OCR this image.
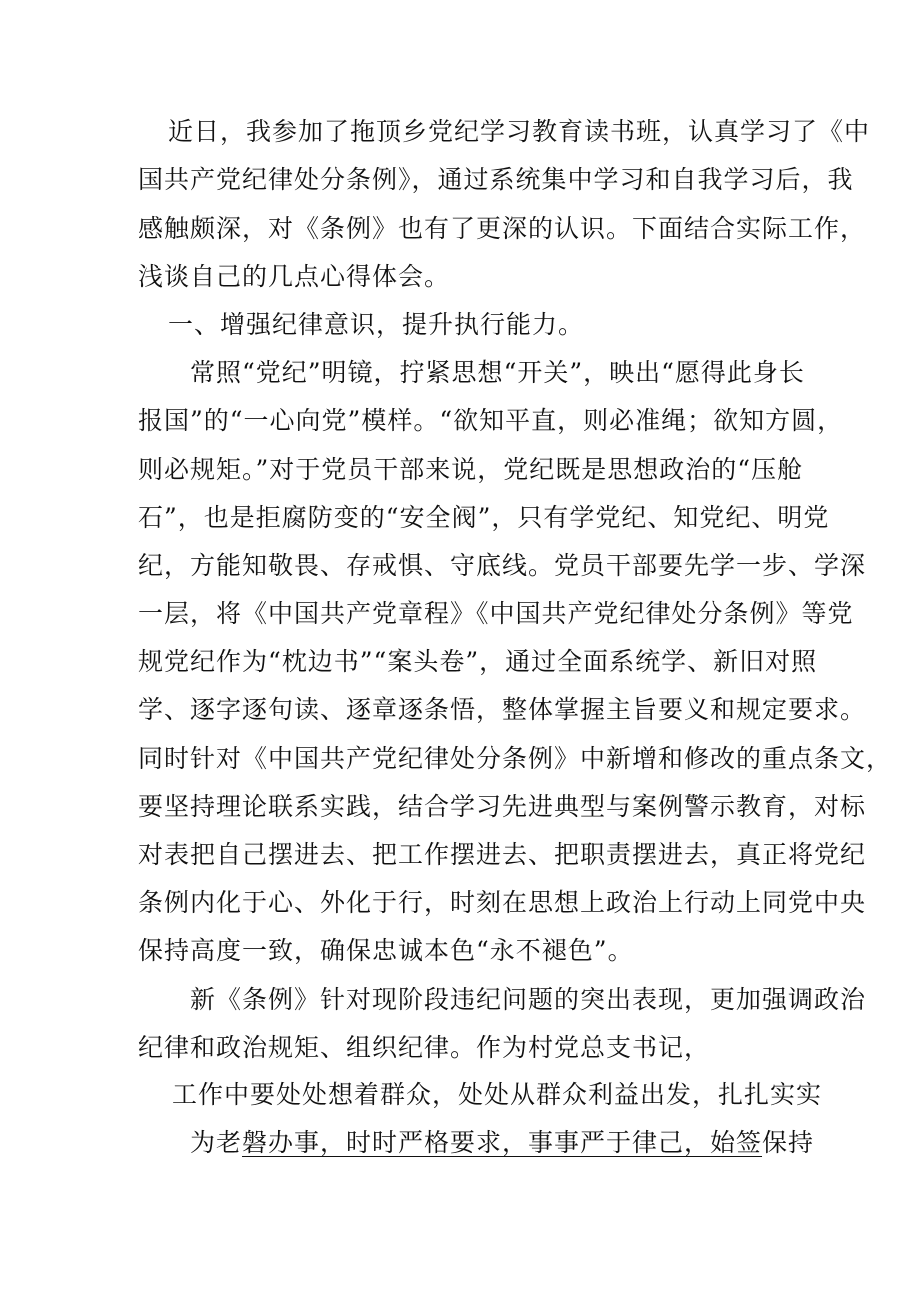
近日，我参加了拖顶乡党纪学习教育读书班，认真学习了《中
国共产党纪律处分条例》，通过系统集中学习和自我学习后，我
感触颇深，对《条例》也有了更深的认识。下面结合实际工作，
浅谈自己的几点心得体会。
一、增强纪律意识，提升执行能力。
常照“党纪”明镜，拧紧思想“开关”，映出“愿得此身长
报国”的“一心向党”模样。“欲知平直，则必准绳；欲知方圆，
则必规矩。”对于党员干部来说，党纪既是思想政治的“压舱
石”，也是拒腐防变的“安全阀”，只有学党纪、知党纪、明党
纪，方能知敬畏、存戒惧、守底线。党员干部要先学一步、学深
一层，将《中国共产党章程》《中国共产党纪律处分条例》等党
规党纪作为“枕边书”“案头卷”，通过全面系统学、新旧对照
学、逐字逐句读、逐章逐条悟，整体掌握主旨要义和规定要求。
同时针对《中国共产党纪律处分条例》中新增和修改的重点条文，
要坚持理论联系实践，结合学习先进典型与案例警示教育，对标
对表把自己摆进去、把工作摆进去、把职责摆进去，真正将党纪
条例内化于心、外化于行，时刻在思想上政治上行动上同党中央
保持高度一致，确保忠诚本色“永不褪色”。
新《条例》针对现阶段违纪问题的突出表现，更加强调政治
纪律和政治规矩、组织纪律。作为村党总支书记，
工作中要处处想着群众，处处从群众利益出发，扎扎实实
为老磐办事，时时严格要求，事事严于律己，始签保持
